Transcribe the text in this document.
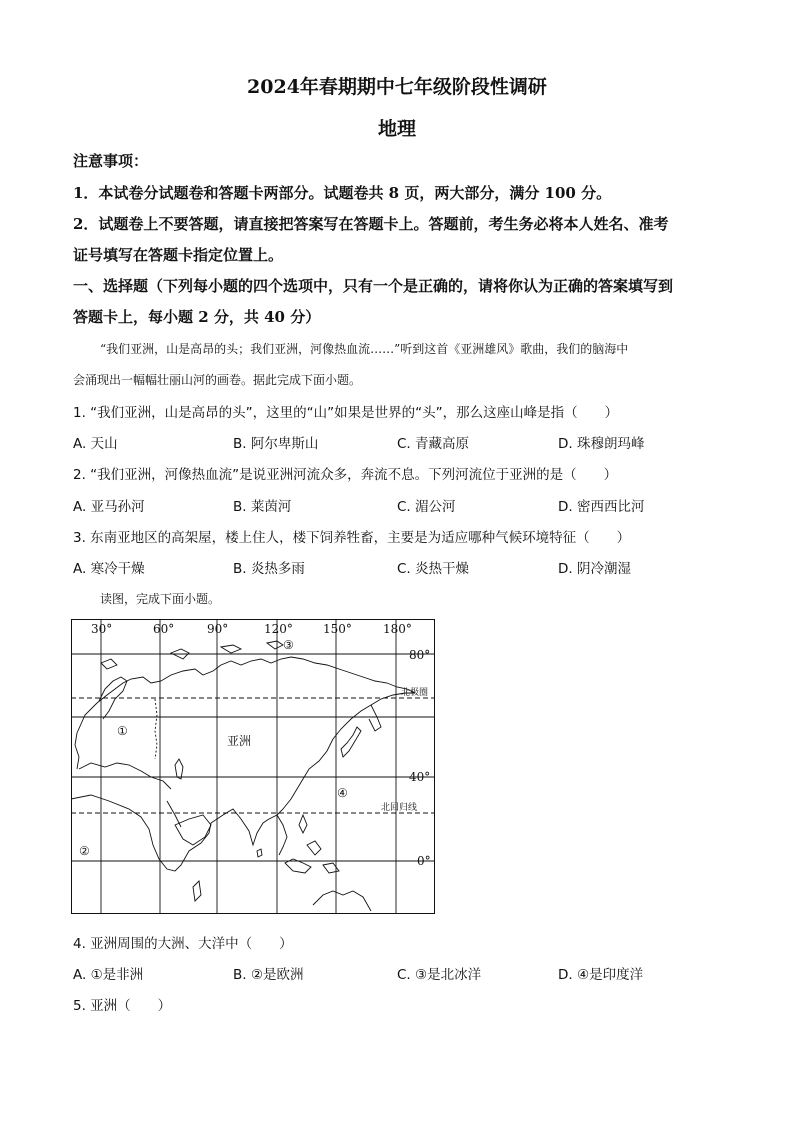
2024年春期期中七年级阶段性调研
地理
注意事项：
1．本试卷分试题卷和答题卡两部分。试题卷共 8 页，两大部分，满分 100 分。
2．试题卷上不要答题，请直接把答案写在答题卡上。答题前，考生务必将本人姓名、准考
证号填写在答题卡指定位置上。
一、选择题（下列每小题的四个选项中，只有一个是正确的，请将你认为正确的答案填写到
答题卡上，每小题 2 分，共 40 分）
“我们亚洲，山是高昂的头；我们亚洲，河像热血流……”听到这首《亚洲雄风》歌曲，我们的脑海中
会涌现出一幅幅壮丽山河的画卷。据此完成下面小题。
1. “我们亚洲，山是高昂的头”，这里的“山”如果是世界的“头”，那么这座山峰是指（　　）
A. 天山	B. 阿尔卑斯山	C. 青藏高原	D. 珠穆朗玛峰
2. “我们亚洲，河像热血流”是说亚洲河流众多，奔流不息。下列河流位于亚洲的是（　　）
A. 亚马孙河	B. 莱茵河	C. 湄公河	D. 密西西比河
3. 东南亚地区的高架屋，楼上住人，楼下饲养牲畜，主要是为适应哪种气候环境特征（　　）
A. 寒冷干燥	B. 炎热多雨	C. 炎热干燥	D. 阴冷潮湿
读图，完成下面小题。
30°	60°	90°	120°	150°	180°
80°
40°
0°
北极圈
北回归线
亚洲
①
②
③
④
4. 亚洲周围的大洲、大洋中（　　）
A. ①是非洲	B. ②是欧洲	C. ③是北冰洋	D. ④是印度洋
5. 亚洲（　　）
